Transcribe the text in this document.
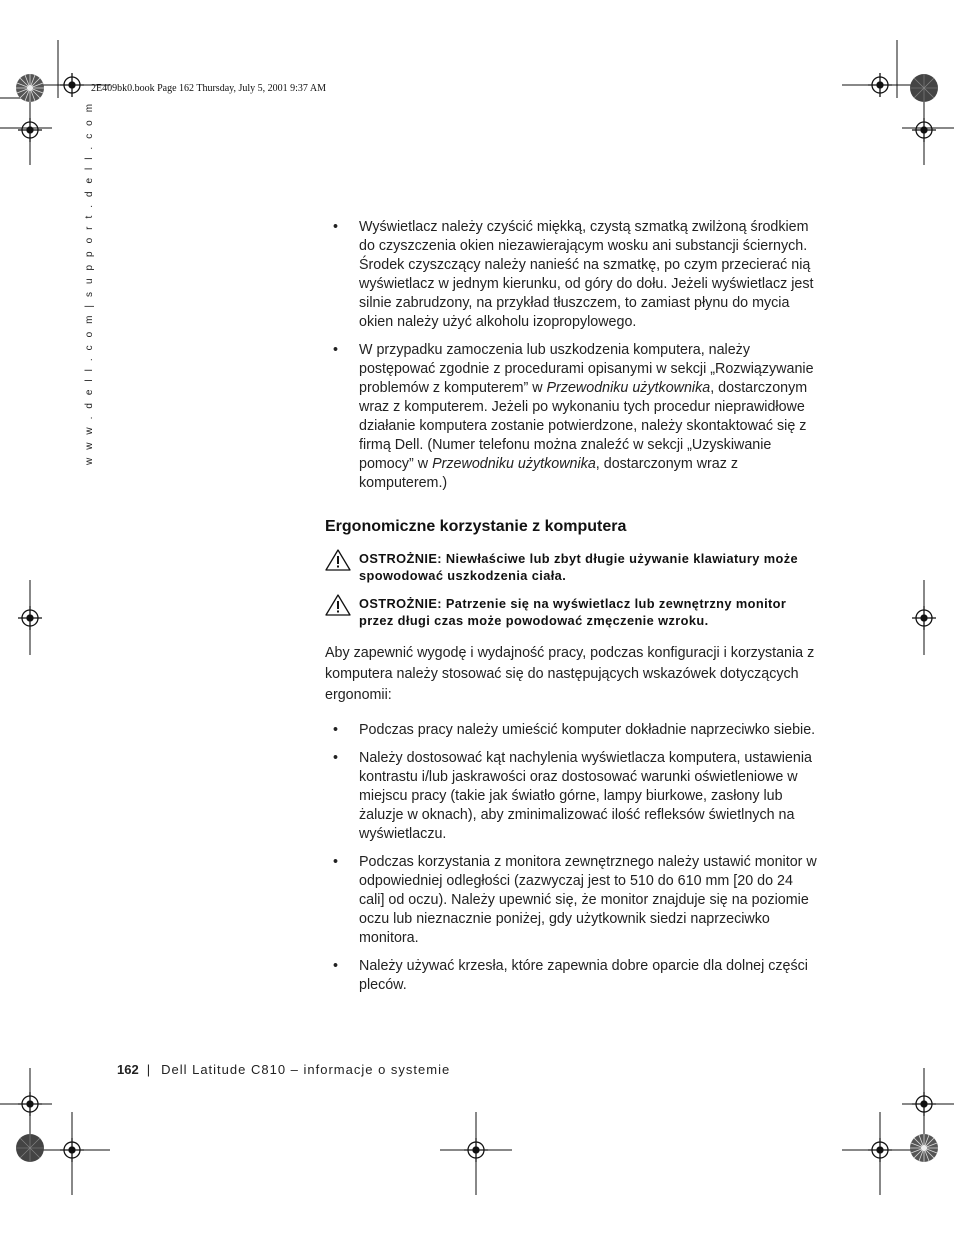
2E409bk0.book Page 162 Thursday, July 5, 2001 9:37 AM
w w w . d e l l . c o m | s u p p o r t . d e l l . c o m
•	Wyświetlacz należy czyścić miękką, czystą szmatką zwilżoną środkiem do czyszczenia okien niezawierającym wosku ani substancji ściernych. Środek czyszczący należy nanieść na szmatkę, po czym przecierać nią wyświetlacz w jednym kierunku, od góry do dołu. Jeżeli wyświetlacz jest silnie zabrudzony, na przykład tłuszczem, to zamiast płynu do mycia okien należy użyć alkoholu izopropylowego.
• W przypadku zamoczenia lub uszkodzenia komputera, należy postępować zgodnie z procedurami opisanymi w sekcji „Rozwiązywanie problemów z komputerem” w Przewodniku użytkownika, dostarczonym wraz z komputerem. Jeżeli po wykonaniu tych procedur nieprawidłowe działanie komputera zostanie potwierdzone, należy skontaktować się z firmą Dell. (Numer telefonu można znaleźć w sekcji „Uzyskiwanie pomocy” w Przewodniku użytkownika, dostarczonym wraz z komputerem.)
Ergonomiczne korzystanie z komputera
OSTROŻNIE: Niewłaściwe lub zbyt długie używanie klawiatury może spowodować uszkodzenia ciała.
OSTROŻNIE: Patrzenie się na wyświetlacz lub zewnętrzny monitor przez długi czas może powodować zmęczenie wzroku.

Aby zapewnić wygodę i wydajność pracy, podczas konfiguracji i korzystania z komputera należy stosować się do następujących wskazówek dotyczących ergonomii:

• Podczas pracy należy umieścić komputer dokładnie naprzeciwko siebie.
• Należy dostosować kąt nachylenia wyświetlacza komputera, ustawienia kontrastu i/lub jaskrawości oraz dostosować warunki oświetleniowe w miejscu pracy (takie jak światło górne, lampy biurkowe, zasłony lub żaluzje w oknach), aby zminimalizować ilość refleksów świetlnych na wyświetlaczu.
• Podczas korzystania z monitora zewnętrznego należy ustawić monitor w odpowiedniej odległości (zazwyczaj jest to 510 do 610 mm [20 do 24 cali] od oczu). Należy upewnić się, że monitor znajduje się na poziomie oczu lub nieznacznie poniżej, gdy użytkownik siedzi naprzeciwko monitora.
• Należy używać krzesła, które zapewnia dobre oparcie dla dolnej części pleców.
162 | Dell Latitude C810 – informacje o systemie
